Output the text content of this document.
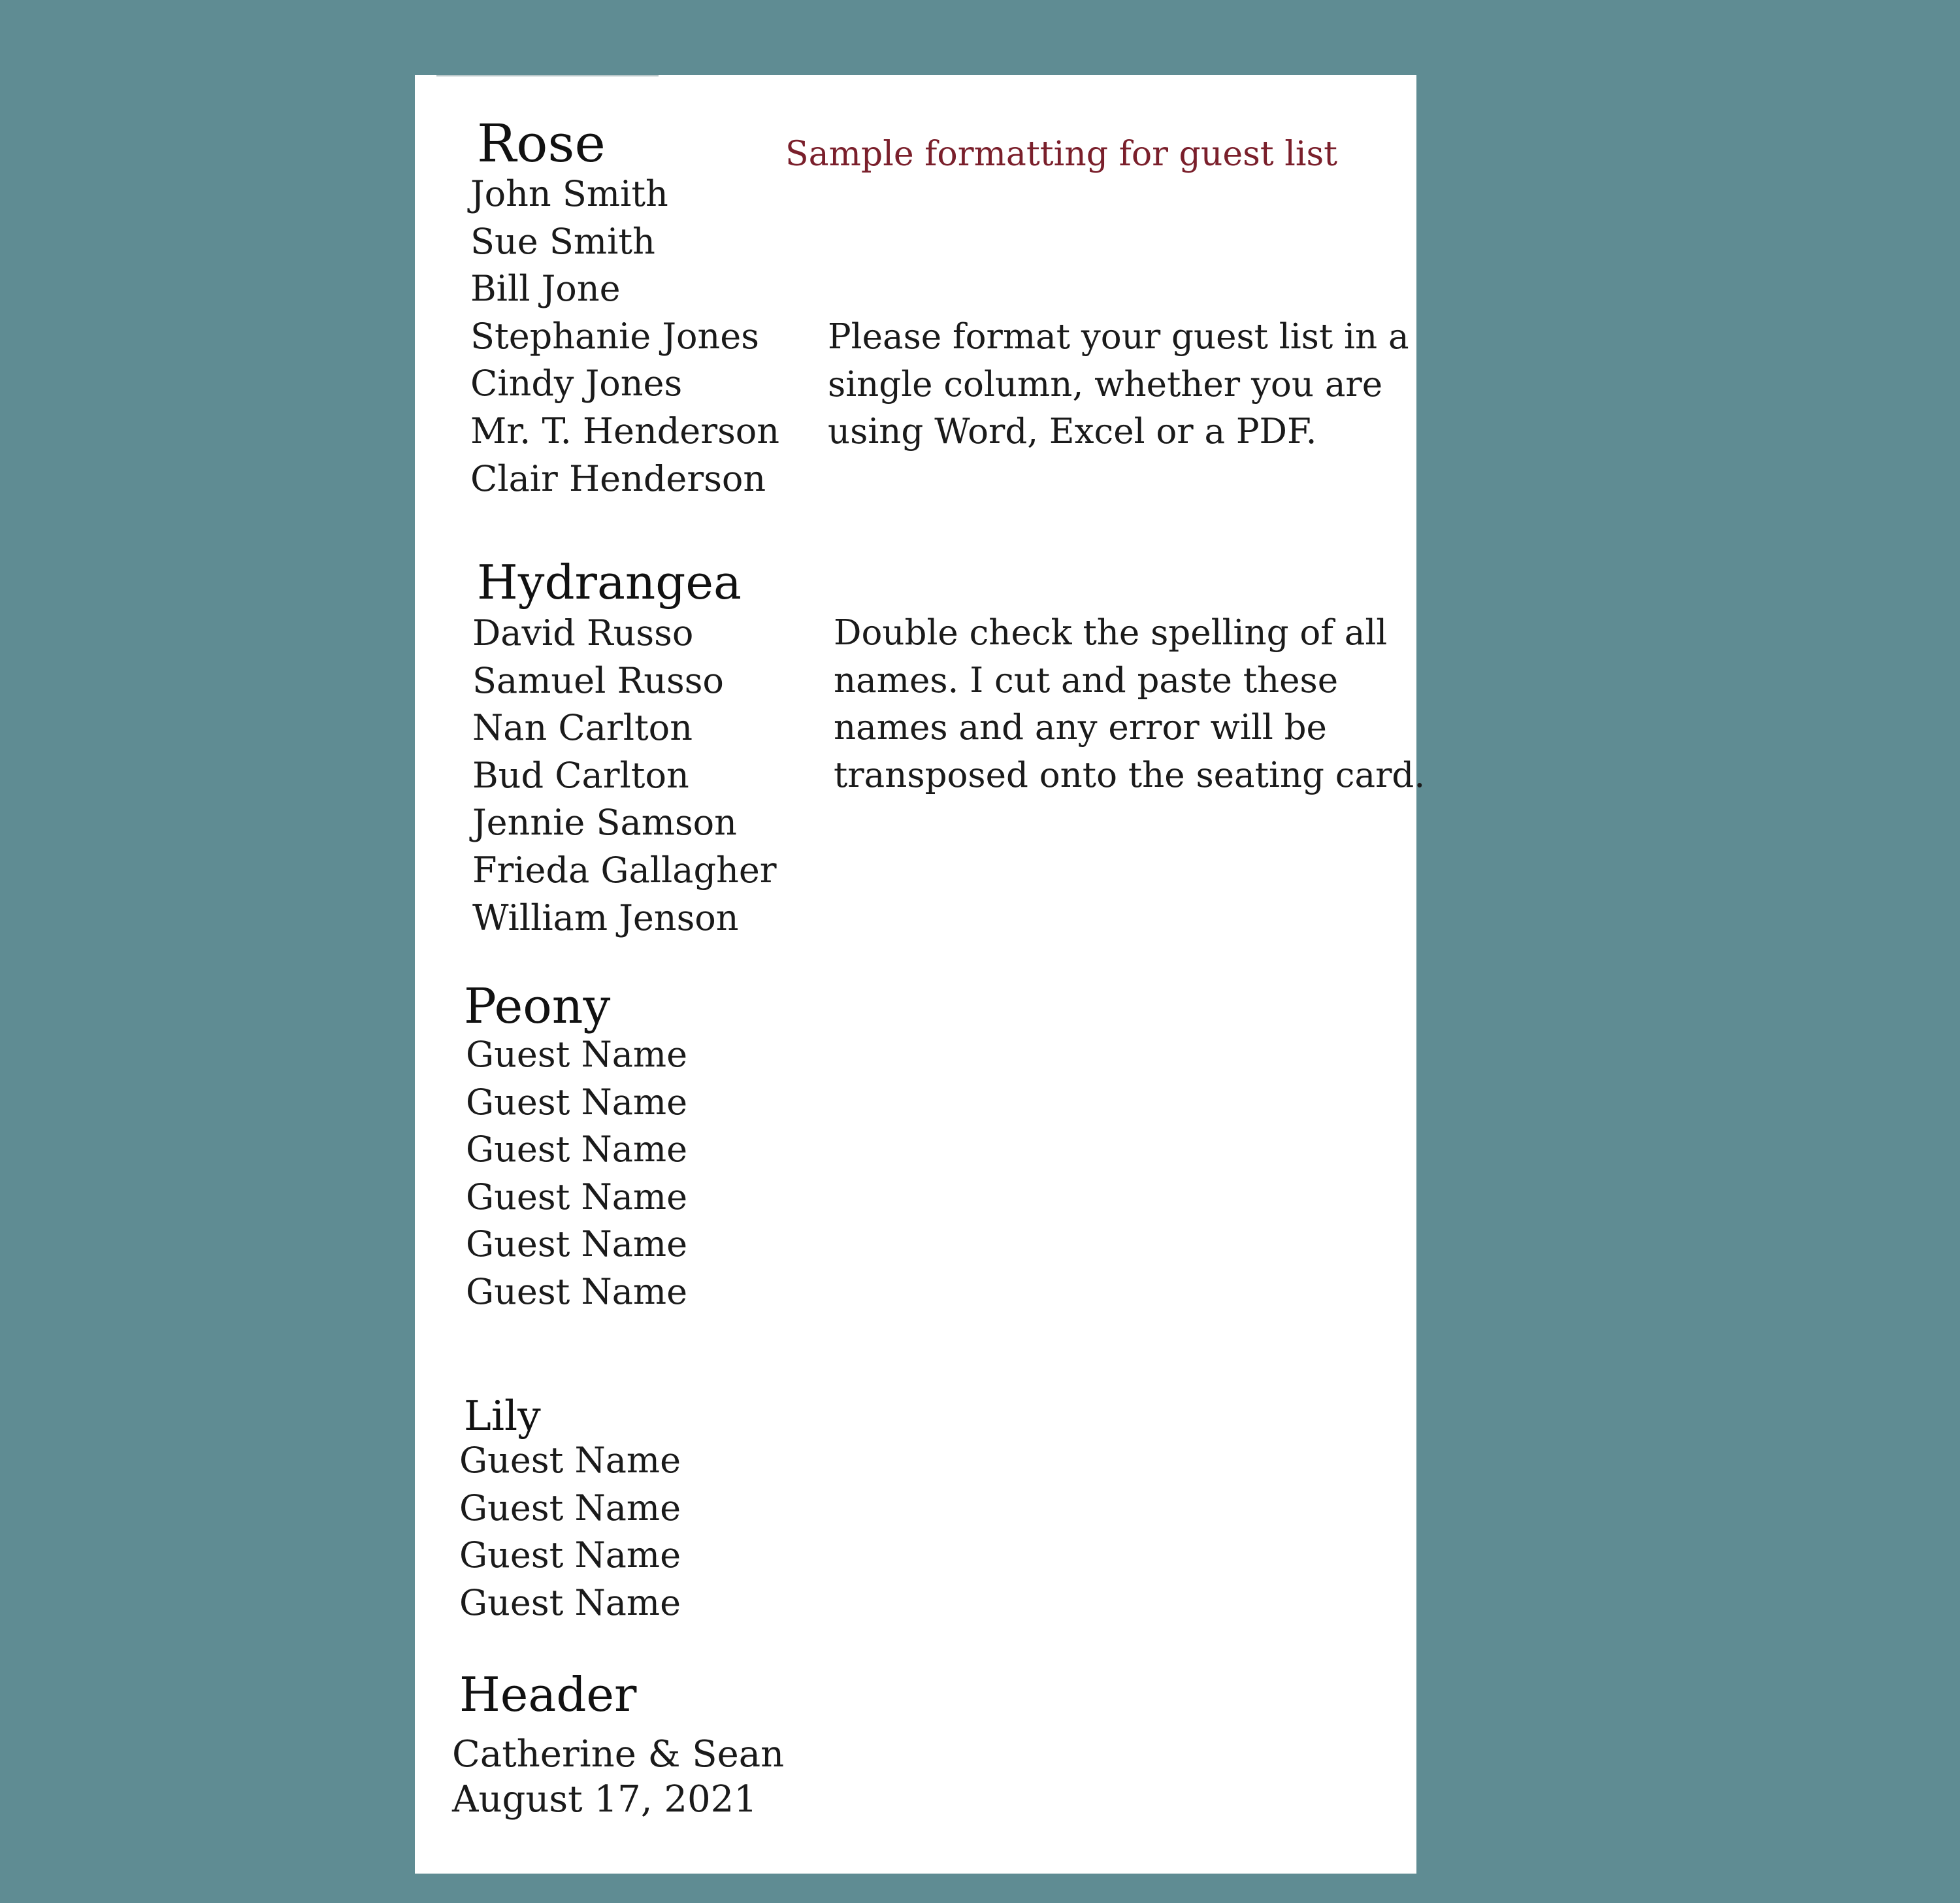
Rose
John Smith
Sue Smith
Bill Jone
Stephanie Jones
Cindy Jones
Mr. T. Henderson
Clair Henderson
Sample formatting for guest list
Please format your guest list in a
single column, whether you are
using Word, Excel or a PDF.
Hydrangea
David Russo
Samuel Russo
Nan Carlton
Bud Carlton
Jennie Samson
Frieda Gallagher
William Jenson
Double check the spelling of all
names. I cut and paste these
names and any error will be
transposed onto the seating card.
Peony
Guest Name
Guest Name
Guest Name
Guest Name
Guest Name
Guest Name
Lily
Guest Name
Guest Name
Guest Name
Guest Name
Header
Catherine & Sean
August 17, 2021
